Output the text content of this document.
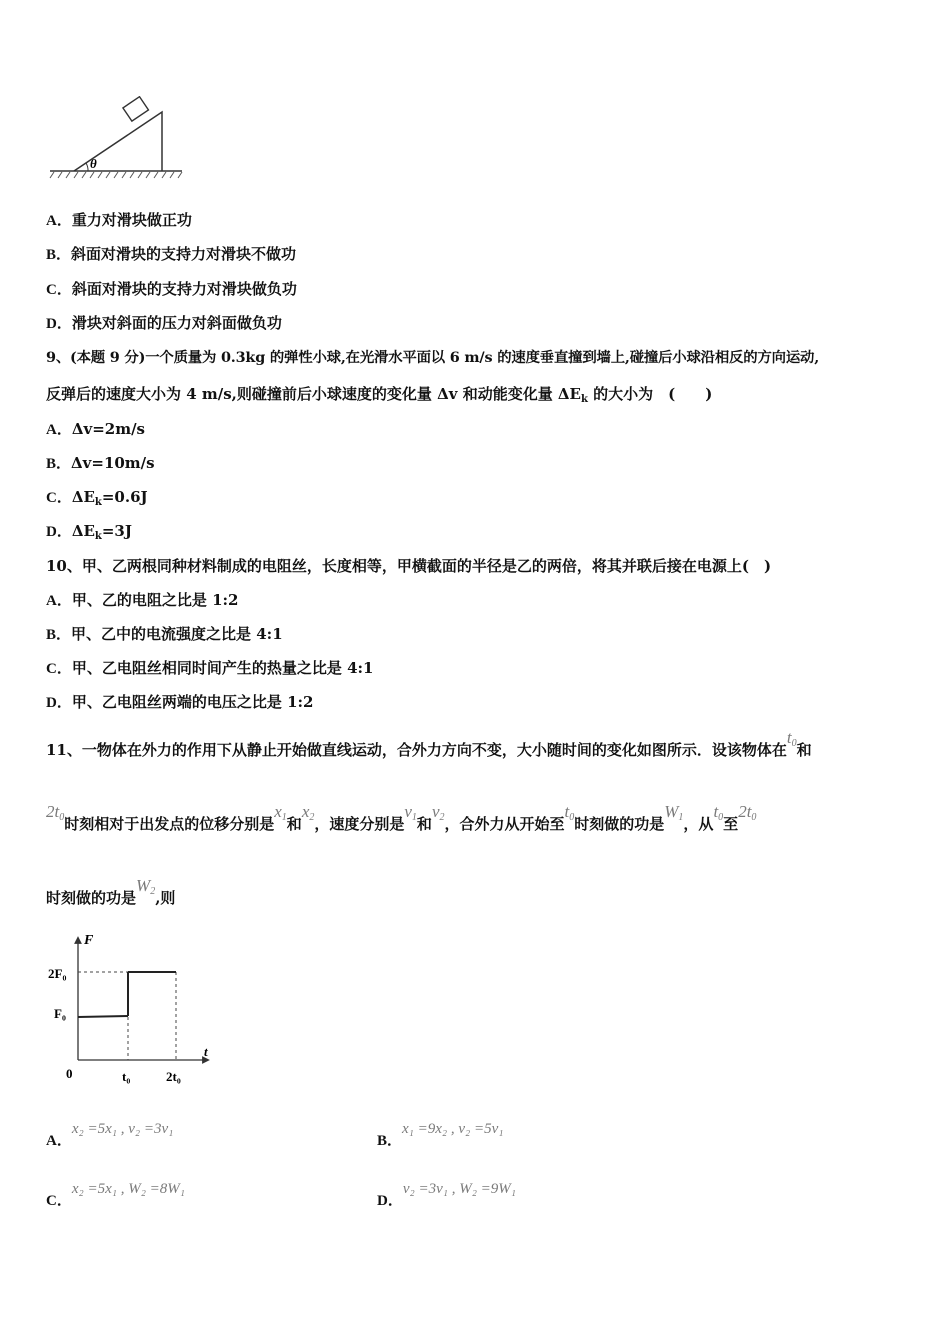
θ
A．重力对滑块做正功
B．斜面对滑块的支持力对滑块不做功
C．斜面对滑块的支持力对滑块做负功
D．滑块对斜面的压力对斜面做负功
9、(本题 9 分)一个质量为 0.3kg 的弹性小球,在光滑水平面以 6 m/s 的速度垂直撞到墙上,碰撞后小球沿相反的方向运动,
反弹后的速度大小为 4 m/s,则碰撞前后小球速度的变化量 Δv 和动能变化量 $\Delta E_k$ 的大小为　(　　)
A．Δv=2m/s
B．Δv=10m/s
C．$\Delta E_k=0.6J$
D．$\Delta E_k=3J$
10、甲、乙两根同种材料制成的电阻丝，长度相等，甲横截面的半径是乙的两倍，将其并联后接在电源上(　)
A．甲、乙的电阻之比是 1:2
B．甲、乙中的电流强度之比是 4:1
C．甲、乙电阻丝相同时间产生的热量之比是 4:1
D．甲、乙电阻丝两端的电压之比是 1:2
11、一物体在外力的作用下从静止开始做直线运动，合外力方向不变，大小随时间的变化如图所示．设该物体在$t_0$和
$2t_0$时刻相对于出发点的位移分别是$x_1$和$x_2$，速度分别是$v_1$和$v_2$，合外力从开始至$t_0$时刻做的功是$W_1$，从$t_0$至$2t_0$
时刻做的功是$W_2$,则
F
t
0
2F₀
F₀
t₀	2t₀
A．x₂ =5x₁ , v₂ =3v₁
B．x₁ =9x₂ , v₂ =5v₁
C．x₂ =5x₁ , W₂ =8W₁
D．v₂ =3v₁ , W₂ =9W₁
